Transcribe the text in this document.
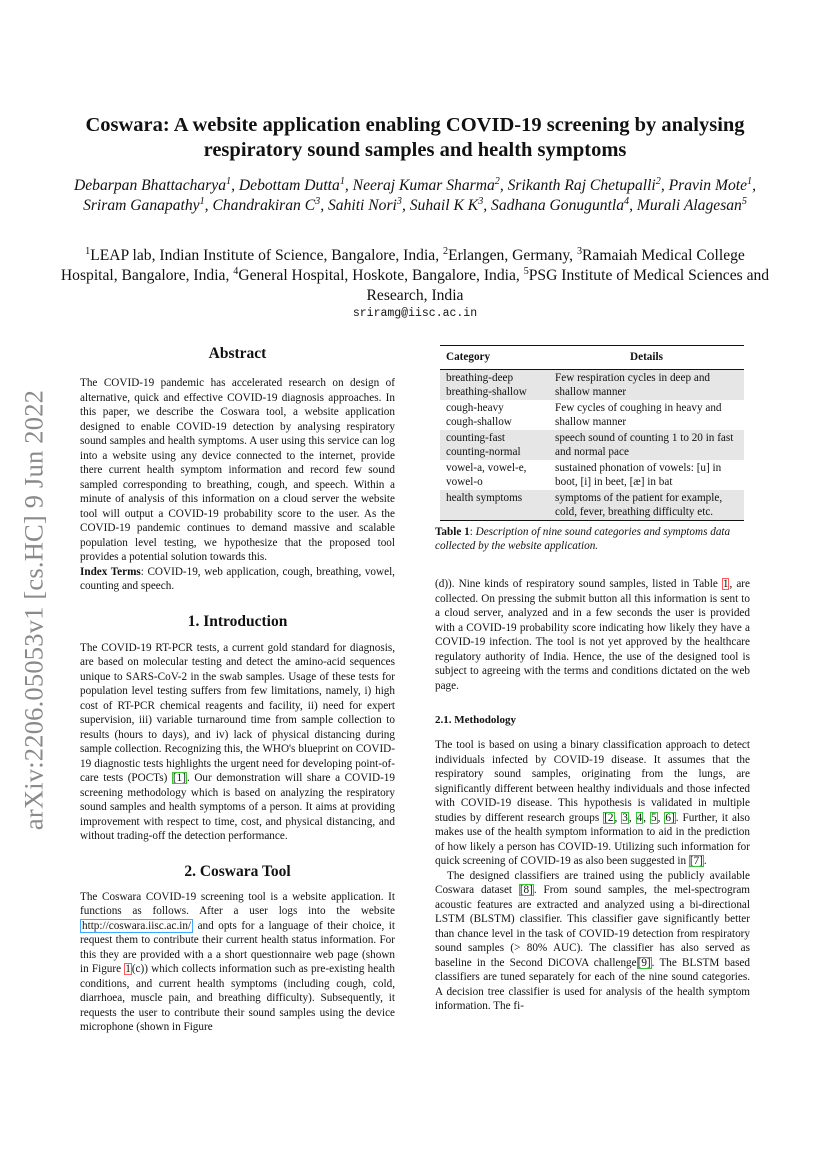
arXiv:2206.05053v1 [cs.HC] 9 Jun 2022
Coswara: A website application enabling COVID-19 screening by analysing respiratory sound samples and health symptoms
Debarpan Bhattacharya$^1$, Debottam Dutta$^1$, Neeraj Kumar Sharma$^2$, Srikanth Raj Chetupalli$^2$, Pravin Mote$^1$, Sriram Ganapathy$^1$, Chandrakiran $C^3$, Sahiti Nori$^3$, Suhail K $K^3$, Sadhana Gonuguntla$^4$, Murali Alagesan$^5$
$^1$LEAP lab, Indian Institute of Science, Bangalore, India, $^2$Erlangen, Germany, $^3$Ramaiah Medical College Hospital, Bangalore, India, $^4$General Hospital, Hoskote, Bangalore, India, $^5$PSG Institute of Medical Sciences and Research, India
sriramg@iisc.ac.in
Abstract

The COVID-19 pandemic has accelerated research on design of alternative, quick and effective COVID-19 diagnosis approaches. In this paper, we describe the Coswara tool, a website application designed to enable COVID-19 detection by analysing respiratory sound samples and health symptoms. A user using this service can log into a website using any device connected to the internet, provide there current health symptom information and record few sound sampled corresponding to breathing, cough, and speech. Within a minute of analysis of this information on a cloud server the website tool will output a COVID-19 probability score to the user. As the COVID-19 pandemic continues to demand massive and scalable population level testing, we hypothesize that the proposed tool provides a potential solution towards this.

Index Terms: COVID-19, web application, cough, breathing, vowel, counting and speech.

1. Introduction

The COVID-19 RT-PCR tests, a current gold standard for diagnosis, are based on molecular testing and detect the amino-acid sequences unique to SARS-CoV-2 in the swab samples. Usage of these tests for population level testing suffers from few limitations, namely, i) high cost of RT-PCR chemical reagents and facility, ii) need for expert supervision, iii) variable turnaround time from sample collection to results (hours to days), and iv) lack of physical distancing during sample collection. Recognizing this, the WHO's blueprint on COVID-19 diagnostic tests highlights the urgent need for developing point-of-care tests (POCTs) [1]. Our demonstration will share a COVID-19 screening methodology which is based on analyzing the respiratory sound samples and health symptoms of a person. It aims at providing improvement with respect to time, cost, and physical distancing, and without trading-off the detection performance.

2. Coswara Tool

The Coswara COVID-19 screening tool is a website application. It functions as follows. After a user logs into the website http://coswara.iisc.ac.in/ and opts for a language of their choice, it request them to contribute their current health status information. For this they are provided with a a short questionnaire web page (shown in Figure 1(c)) which collects information such as pre-existing health conditions, and current health symptoms (including cough, cold, diarrhoea, muscle pain, and breathing difficulty). Subsequently, it requests the user to contribute their sound samples using the device microphone (shown in Figure

Category	Details
breathing-deep
breathing-shallow	Few respiration cycles in deep and shallow manner
cough-heavy
cough-shallow	Few cycles of coughing in heavy and shallow manner
counting-fast
counting-normal	speech sound of counting 1 to 20 in fast and normal pace
vowel-a, vowel-e,
vowel-o	sustained phonation of vowels: [u] in boot, [i] in beet, [æ] in bat
health symptoms	symptoms of the patient for example, cold, fever, breathing difficulty etc.

Table 1: Description of nine sound categories and symptoms data collected by the website application.

(d)). Nine kinds of respiratory sound samples, listed in Table 1, are collected. On pressing the submit button all this information is sent to a cloud server, analyzed and in a few seconds the user is provided with a COVID-19 probability score indicating how likely they have a COVID-19 infection. The tool is not yet approved by the healthcare regulatory authority of India. Hence, the use of the designed tool is subject to agreeing with the terms and conditions dictated on the web page.

2.1. Methodology

The tool is based on using a binary classification approach to detect individuals infected by COVID-19 disease. It assumes that the respiratory sound samples, originating from the lungs, are significantly different between healthy individuals and those infected with COVID-19 disease. This hypothesis is validated in multiple studies by different research groups [2, 3, 4, 5, 6]. Further, it also makes use of the health symptom information to aid in the prediction of how likely a person has COVID-19. Utilizing such information for quick screening of COVID-19 as also been suggested in [7].

The designed classifiers are trained using the publicly available Coswara dataset [8]. From sound samples, the mel-spectrogram acoustic features are extracted and analyzed using a bi-directional LSTM (BLSTM) classifier. This classifier gave significantly better than chance level in the task of COVID-19 detection from respiratory sound samples (> 80% AUC). The classifier has also served as baseline in the Second DiCOVA challenge[9]. The BLSTM based classifiers are tuned separately for each of the nine sound categories. A decision tree classifier is used for analysis of the health symptom information. The fi-
